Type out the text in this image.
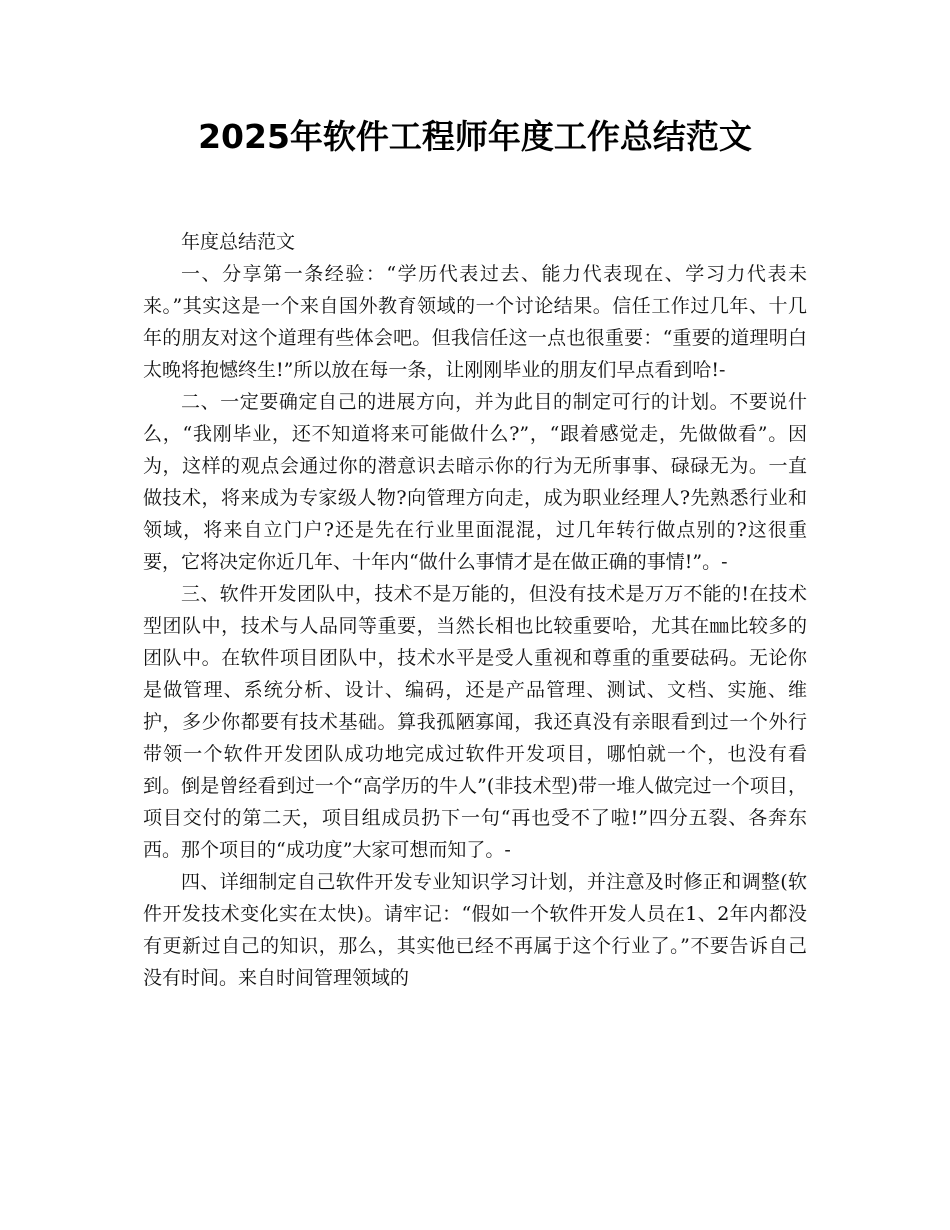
2025年软件工程师年度工作总结范文

年度总结范文

一、分享第一条经验：“学历代表过去、能力代表现在、学习力代表未来。”其实这是一个来自国外教育领域的一个讨论结果。信任工作过几年、十几年的朋友对这个道理有些体会吧。但我信任这一点也很重要：“重要的道理明白太晚将抱憾终生!”所以放在每一条，让刚刚毕业的朋友们早点看到哈!-

二、一定要确定自己的进展方向，并为此目的制定可行的计划。不要说什么，“我刚毕业，还不知道将来可能做什么?”，“跟着感觉走，先做做看”。因为，这样的观点会通过你的潜意识去暗示你的行为无所事事、碌碌无为。一直做技术，将来成为专家级人物?向管理方向走，成为职业经理人?先熟悉行业和领域，将来自立门户?还是先在行业里面混混，过几年转行做点别的?这很重要，它将决定你近几年、十年内“做什么事情才是在做正确的事情!”。-

三、软件开发团队中，技术不是万能的，但没有技术是万万不能的!在技术型团队中，技术与人品同等重要，当然长相也比较重要哈，尤其在㎜比较多的团队中。在软件项目团队中，技术水平是受人重视和尊重的重要砝码。无论你是做管理、系统分析、设计、编码，还是产品管理、测试、文档、实施、维护，多少你都要有技术基础。算我孤陋寡闻，我还真没有亲眼看到过一个外行带领一个软件开发团队成功地完成过软件开发项目，哪怕就一个，也没有看到。倒是曾经看到过一个“高学历的牛人”(非技术型)带一堆人做完过一个项目，项目交付的第二天，项目组成员扔下一句“再也受不了啦!”四分五裂、各奔东西。那个项目的“成功度”大家可想而知了。-

四、详细制定自己软件开发专业知识学习计划，并注意及时修正和调整(软件开发技术变化实在太快)。请牢记：“假如一个软件开发人员在1、2年内都没有更新过自己的知识，那么，其实他已经不再属于这个行业了。”不要告诉自己没有时间。来自时间管理领域的
